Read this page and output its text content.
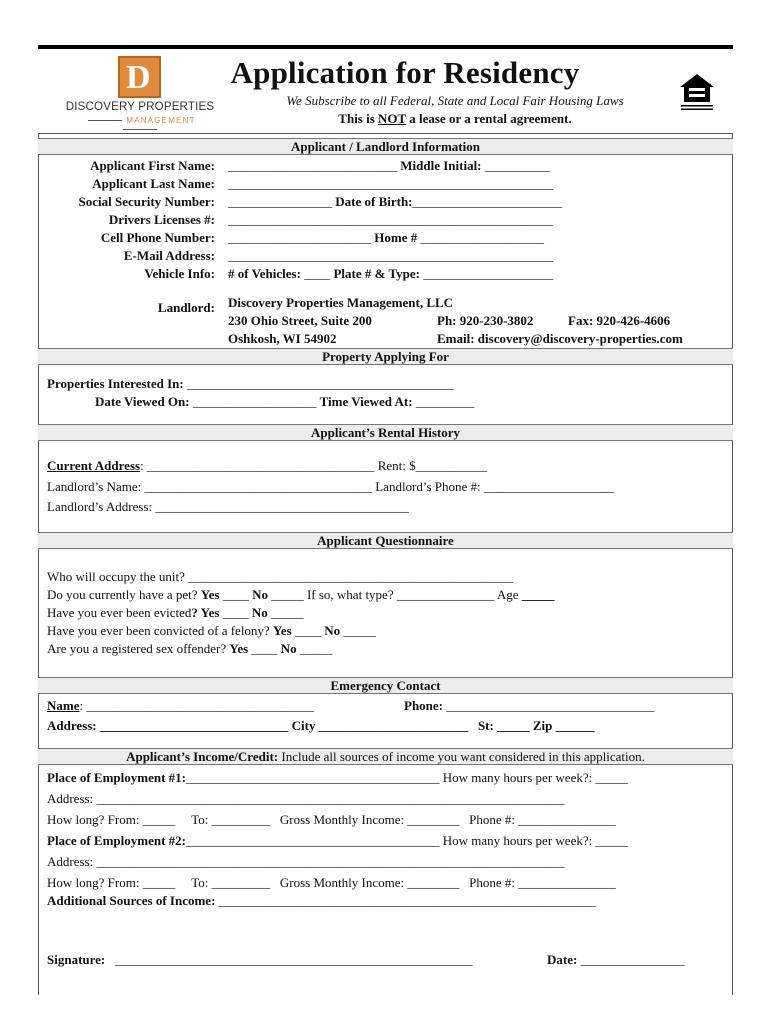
D
DISCOVERY PROPERTIES
MANAGEMENT
Application for Residency
We Subscribe to all Federal, State and Local Fair Housing Laws
This is NOT a lease or a rental agreement.
Applicant / Landlord Information
Applicant First Name: __________________________ Middle Initial: __________
Applicant Last Name: __________________________________________________
Social Security Number: ________________ Date of Birth:_______________________
Drivers Licenses #: __________________________________________________
Cell Phone Number: ______________________ Home # ___________________
E-Mail Address: __________________________________________________
Vehicle Info: # of Vehicles: ____ Plate # & Type: ____________________
Landlord: Discovery Properties Management, LLC
230 Ohio Street, Suite 200	Ph: 920-230-3802	Fax: 920-426-4606
Oshkosh, WI 54902	Email: discovery@discovery-properties.com
Property Applying For
Properties Interested In: _________________________________________
Date Viewed On: ___________________ Time Viewed At: _________
Applicant’s Rental History
Current Address: ___________________________________ Rent: $___________
Landlord’s Name: ___________________________________ Landlord’s Phone #: ____________________
Landlord’s Address: _______________________________________
Applicant Questionnaire
Who will occupy the unit? __________________________________________________
Do you currently have a pet? Yes ____ No _____ If so, what type? _______________ Age _____
Have you ever been evicted? Yes ____ No _____
Have you ever been convicted of a felony? Yes ____ No _____
Are you a registered sex offender? Yes ____ No _____
Emergency Contact
Name: ___________________________________	Phone: ________________________________
Address: _____________________________ City _______________________ St: _____ Zip ______
Applicant’s Income/Credit: Include all sources of income you want considered in this application.
Place of Employment #1:_______________________________________ How many hours per week?: _____
Address: ________________________________________________________________________
How long? From: _____ To: _________ Gross Monthly Income: ________ Phone #: _______________
Place of Employment #2:_______________________________________ How many hours per week?: _____
Address: ________________________________________________________________________
How long? From: _____ To: _________ Gross Monthly Income: ________ Phone #: _______________
Additional Sources of Income: __________________________________________________________
Signature: _______________________________________________________	Date: ________________
